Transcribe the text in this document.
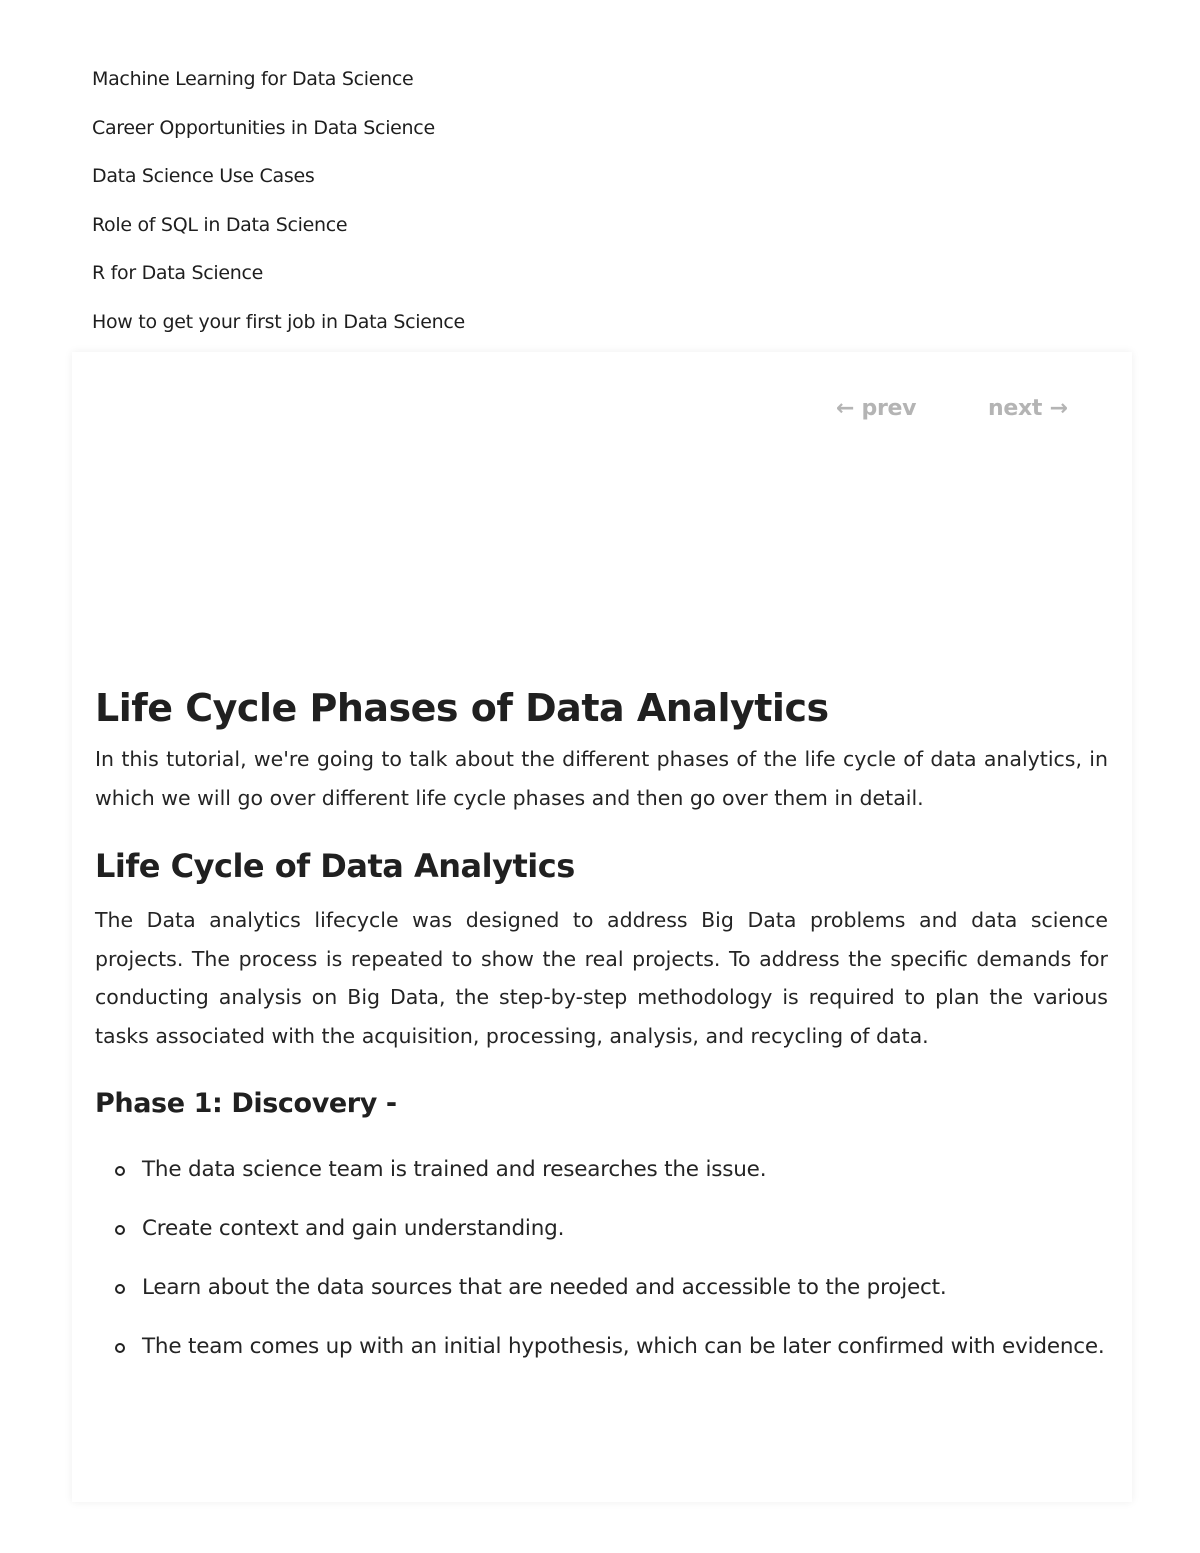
Machine Learning for Data Science
Career Opportunities in Data Science
Data Science Use Cases
Role of SQL in Data Science
R for Data Science
How to get your first job in Data Science
← prev	next →
Life Cycle Phases of Data Analytics

In this tutorial, we're going to talk about the different phases of the life cycle of data analytics, in which we will go over different life cycle phases and then go over them in detail.

Life Cycle of Data Analytics

The Data analytics lifecycle was designed to address Big Data problems and data science projects. The process is repeated to show the real projects. To address the specific demands for conducting analysis on Big Data, the step-by-step methodology is required to plan the various tasks associated with the acquisition, processing, analysis, and recycling of data.

Phase 1: Discovery -
The data science team is trained and researches the issue.
Create context and gain understanding.
Learn about the data sources that are needed and accessible to the project.
The team comes up with an initial hypothesis, which can be later confirmed with evidence.
